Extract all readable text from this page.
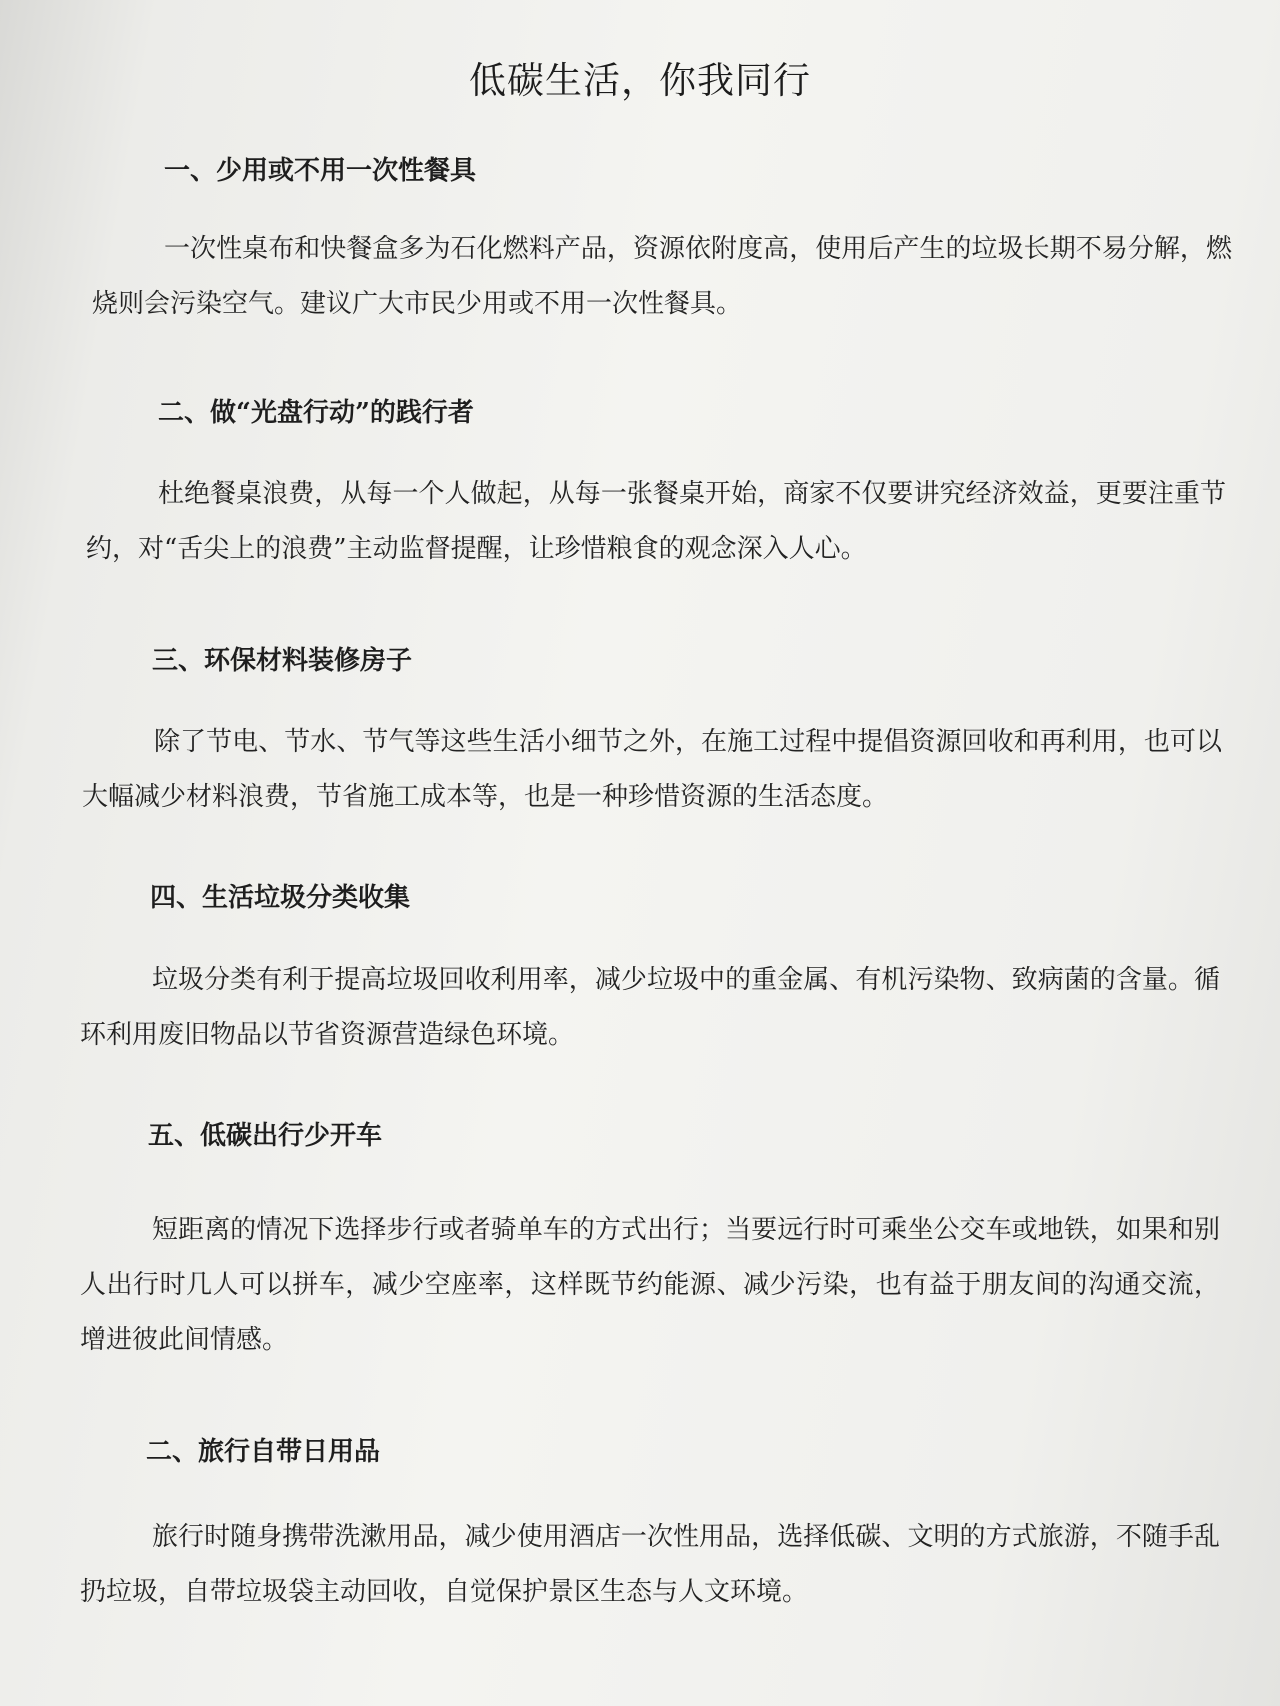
低碳生活，你我同行
一、少用或不用一次性餐具

一次性桌布和快餐盒多为石化燃料产品，资源依附度高，使用后产生的垃圾长期不易分解，燃烧则会污染空气。建议广大市民少用或不用一次性餐具。

二、做“光盘行动”的践行者

杜绝餐桌浪费，从每一个人做起，从每一张餐桌开始，商家不仅要讲究经济效益，更要注重节约，对“舌尖上的浪费”主动监督提醒，让珍惜粮食的观念深入人心。

三、环保材料装修房子

除了节电、节水、节气等这些生活小细节之外，在施工过程中提倡资源回收和再利用，也可以大幅减少材料浪费，节省施工成本等，也是一种珍惜资源的生活态度。

四、生活垃圾分类收集

垃圾分类有利于提高垃圾回收利用率，减少垃圾中的重金属、有机污染物、致病菌的含量。循环利用废旧物品以节省资源营造绿色环境。

五、低碳出行少开车

短距离的情况下选择步行或者骑单车的方式出行；当要远行时可乘坐公交车或地铁，如果和别人出行时几人可以拼车，减少空座率，这样既节约能源、减少污染，也有益于朋友间的沟通交流，增进彼此间情感。

二、旅行自带日用品

旅行时随身携带洗漱用品，减少使用酒店一次性用品，选择低碳、文明的方式旅游，不随手乱扔垃圾，自带垃圾袋主动回收，自觉保护景区生态与人文环境。
